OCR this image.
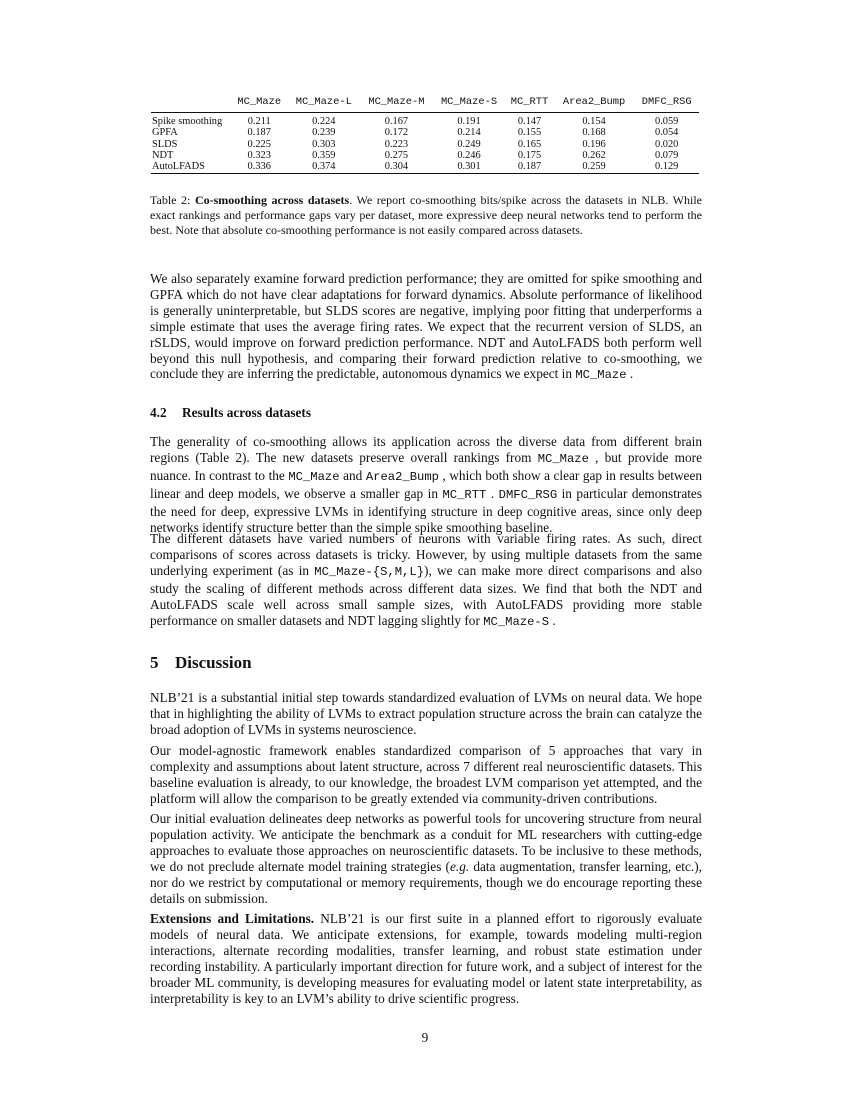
	MC_Maze	MC_Maze-L	MC_Maze-M	MC_Maze-S	MC_RTT	Area2_Bump	DMFC_RSG
Spike smoothing	0.211	0.224	0.167	0.191	0.147	0.154	0.059
GPFA	0.187	0.239	0.172	0.214	0.155	0.168	0.054
SLDS	0.225	0.303	0.223	0.249	0.165	0.196	0.020
NDT	0.323	0.359	0.275	0.246	0.175	0.262	0.079
AutoLFADS	0.336	0.374	0.304	0.301	0.187	0.259	0.129
Table 2: Co-smoothing across datasets. We report co-smoothing bits/spike across the datasets in NLB. While exact rankings and performance gaps vary per dataset, more expressive deep neural networks tend to perform the best. Note that absolute co-smoothing performance is not easily compared across datasets.

We also separately examine forward prediction performance; they are omitted for spike smoothing and GPFA which do not have clear adaptations for forward dynamics. Absolute performance of likelihood is generally uninterpretable, but SLDS scores are negative, implying poor fitting that underperforms a simple estimate that uses the average firing rates. We expect that the recurrent version of SLDS, an rSLDS, would improve on forward prediction performance. NDT and AutoLFADS both perform well beyond this null hypothesis, and comparing their forward prediction relative to co-smoothing, we conclude they are inferring the predictable, autonomous dynamics we expect in MC_Maze .

4.2 Results across datasets

The generality of co-smoothing allows its application across the diverse data from different brain regions (Table 2). The new datasets preserve overall rankings from MC_Maze , but provide more nuance. In contrast to the MC_Maze and Area2_Bump , which both show a clear gap in results between linear and deep models, we observe a smaller gap in MC_RTT . DMFC_RSG in particular demonstrates the need for deep, expressive LVMs in identifying structure in deep cognitive areas, since only deep networks identify structure better than the simple spike smoothing baseline.

The different datasets have varied numbers of neurons with variable firing rates. As such, direct comparisons of scores across datasets is tricky. However, by using multiple datasets from the same underlying experiment (as in MC_Maze-{S,M,L}), we can make more direct comparisons and also study the scaling of different methods across different data sizes. We find that both the NDT and AutoLFADS scale well across small sample sizes, with AutoLFADS providing more stable performance on smaller datasets and NDT lagging slightly for MC_Maze-S .

5 Discussion

NLB’21 is a substantial initial step towards standardized evaluation of LVMs on neural data. We hope that in highlighting the ability of LVMs to extract population structure across the brain can catalyze the broad adoption of LVMs in systems neuroscience.

Our model-agnostic framework enables standardized comparison of 5 approaches that vary in complexity and assumptions about latent structure, across 7 different real neuroscientific datasets. This baseline evaluation is already, to our knowledge, the broadest LVM comparison yet attempted, and the platform will allow the comparison to be greatly extended via community-driven contributions.

Our initial evaluation delineates deep networks as powerful tools for uncovering structure from neural population activity. We anticipate the benchmark as a conduit for ML researchers with cutting-edge approaches to evaluate those approaches on neuroscientific datasets. To be inclusive to these methods, we do not preclude alternate model training strategies (e.g. data augmentation, transfer learning, etc.), nor do we restrict by computational or memory requirements, though we do encourage reporting these details on submission.

Extensions and Limitations. NLB’21 is our first suite in a planned effort to rigorously evaluate models of neural data. We anticipate extensions, for example, towards modeling multi-region interactions, alternate recording modalities, transfer learning, and robust state estimation under recording instability. A particularly important direction for future work, and a subject of interest for the broader ML community, is developing measures for evaluating model or latent state interpretability, as interpretability is key to an LVM’s ability to drive scientific progress.

9
